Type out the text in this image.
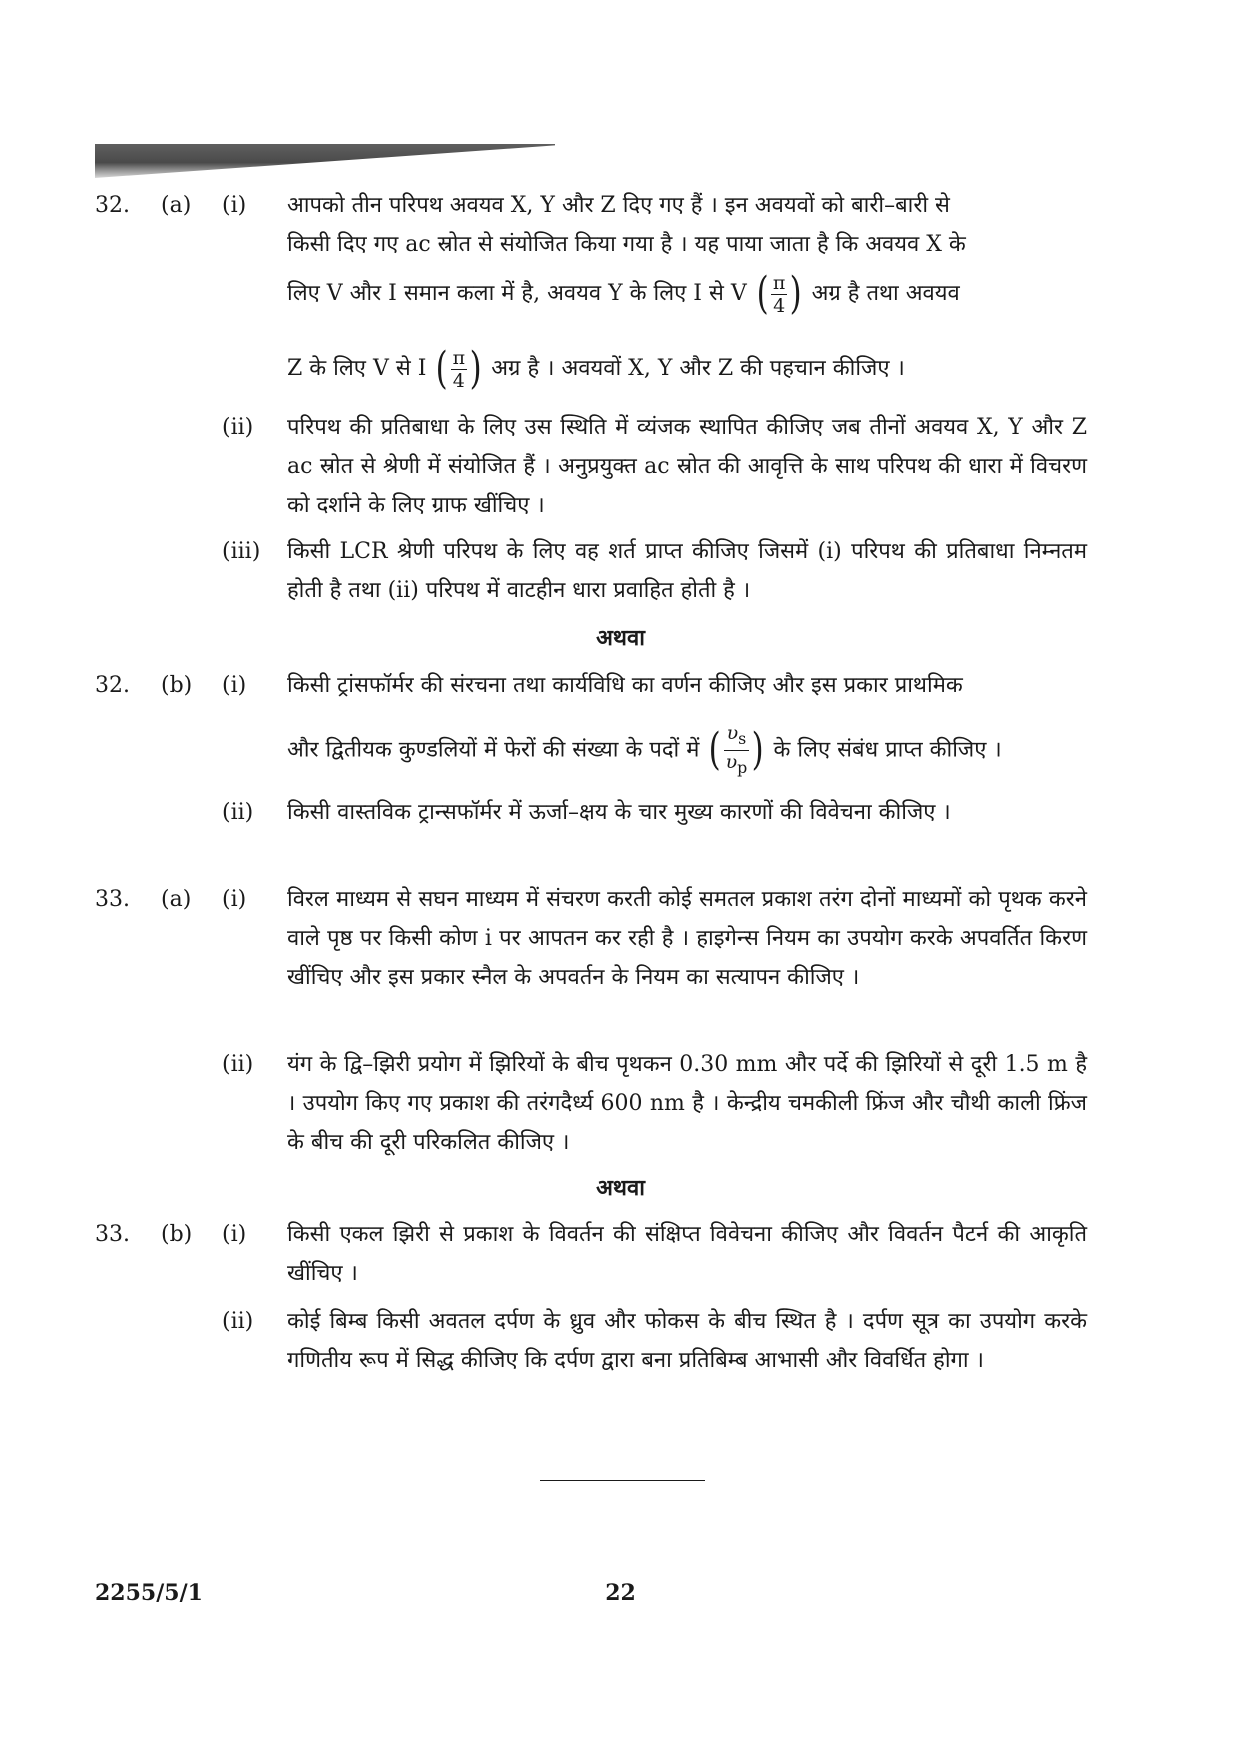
32. (a) (i) आपको तीन परिपथ अवयव X, Y और Z दिए गए हैं । इन अवयवों को बारी–बारी से
किसी दिए गए ac स्रोत से संयोजित किया गया है । यह पाया जाता है कि अवयव X के
लिए V और I समान कला में है, अवयव Y के लिए I से V ( $\frac{\pi}{4}$ ) अग्र है तथा अवयव
Z के लिए V से I ( $\frac{\pi}{4}$ ) अग्र है । अवयवों X, Y और Z की पहचान कीजिए ।
(ii) परिपथ की प्रतिबाधा के लिए उस स्थिति में व्यंजक स्थापित कीजिए जब तीनों अवयव X, Y और Z ac स्रोत से श्रेणी में संयोजित हैं । अनुप्रयुक्त ac स्रोत की आवृत्ति के साथ परिपथ की धारा में विचरण को दर्शाने के लिए ग्राफ खींचिए ।
(iii) किसी LCR श्रेणी परिपथ के लिए वह शर्त प्राप्त कीजिए जिसमें (i) परिपथ की प्रतिबाधा निम्नतम होती है तथा (ii) परिपथ में वाटहीन धारा प्रवाहित होती है ।
अथवा
32. (b) (i) किसी ट्रांसफॉर्मर की संरचना तथा कार्यविधि का वर्णन कीजिए और इस प्रकार प्राथमिक
और द्वितीयक कुण्डलियों में फेरों की संख्या के पदों में ( $\frac{\upsilon_s}{\upsilon_p}$ ) के लिए संबंध प्राप्त कीजिए ।
(ii) किसी वास्तविक ट्रान्सफॉर्मर में ऊर्जा–क्षय के चार मुख्य कारणों की विवेचना कीजिए ।
33. (a) (i) विरल माध्यम से सघन माध्यम में संचरण करती कोई समतल प्रकाश तरंग दोनों माध्यमों को पृथक करने वाले पृष्ठ पर किसी कोण i पर आपतन कर रही है । हाइगेन्स नियम का उपयोग करके अपवर्तित किरण खींचिए और इस प्रकार स्नैल के अपवर्तन के नियम का सत्यापन कीजिए ।
(ii) यंग के द्वि–झिरी प्रयोग में झिरियों के बीच पृथकन 0.30 mm और पर्दे की झिरियों से दूरी 1.5 m है । उपयोग किए गए प्रकाश की तरंगदैर्ध्य 600 nm है । केन्द्रीय चमकीली फ्रिंज और चौथी काली फ्रिंज के बीच की दूरी परिकलित कीजिए ।
अथवा
33. (b) (i) किसी एकल झिरी से प्रकाश के विवर्तन की संक्षिप्त विवेचना कीजिए और विवर्तन पैटर्न की आकृति खींचिए ।
(ii) कोई बिम्ब किसी अवतल दर्पण के ध्रुव और फोकस के बीच स्थित है । दर्पण सूत्र का उपयोग करके गणितीय रूप में सिद्ध कीजिए कि दर्पण द्वारा बना प्रतिबिम्ब आभासी और विवर्धित होगा ।
2255/5/1	22
